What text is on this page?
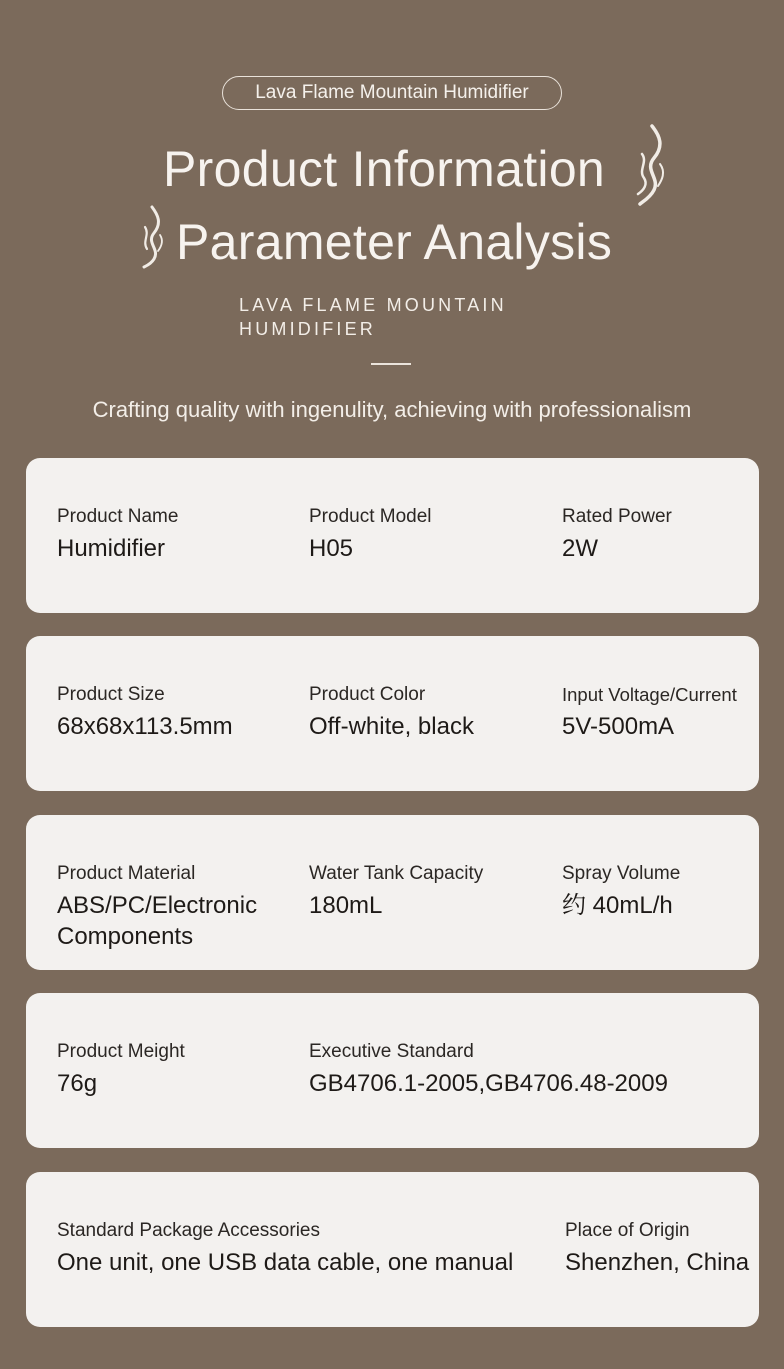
Lava Flame Mountain Humidifier
Product Information
Parameter Analysis
LAVA FLAME MOUNTAIN HUMIDIFIER
Crafting quality with ingenulity, achieving with professionalism
Product Name
Humidifier
Product Model
H05
Rated Power
2W
Product Size
68x68x113.5mm
Product Color
Off-white, black
Input Voltage/Current
5V-500mA
Product Material
ABS/PC/Electronic Components
Water Tank Capacity
180mL
Spray Volume
约 40mL/h
Product Meight
76g
Executive Standard
GB4706.1-2005,GB4706.48-2009
Standard Package Accessories
One unit, one USB data cable, one manual
Place of Origin
Shenzhen, China
